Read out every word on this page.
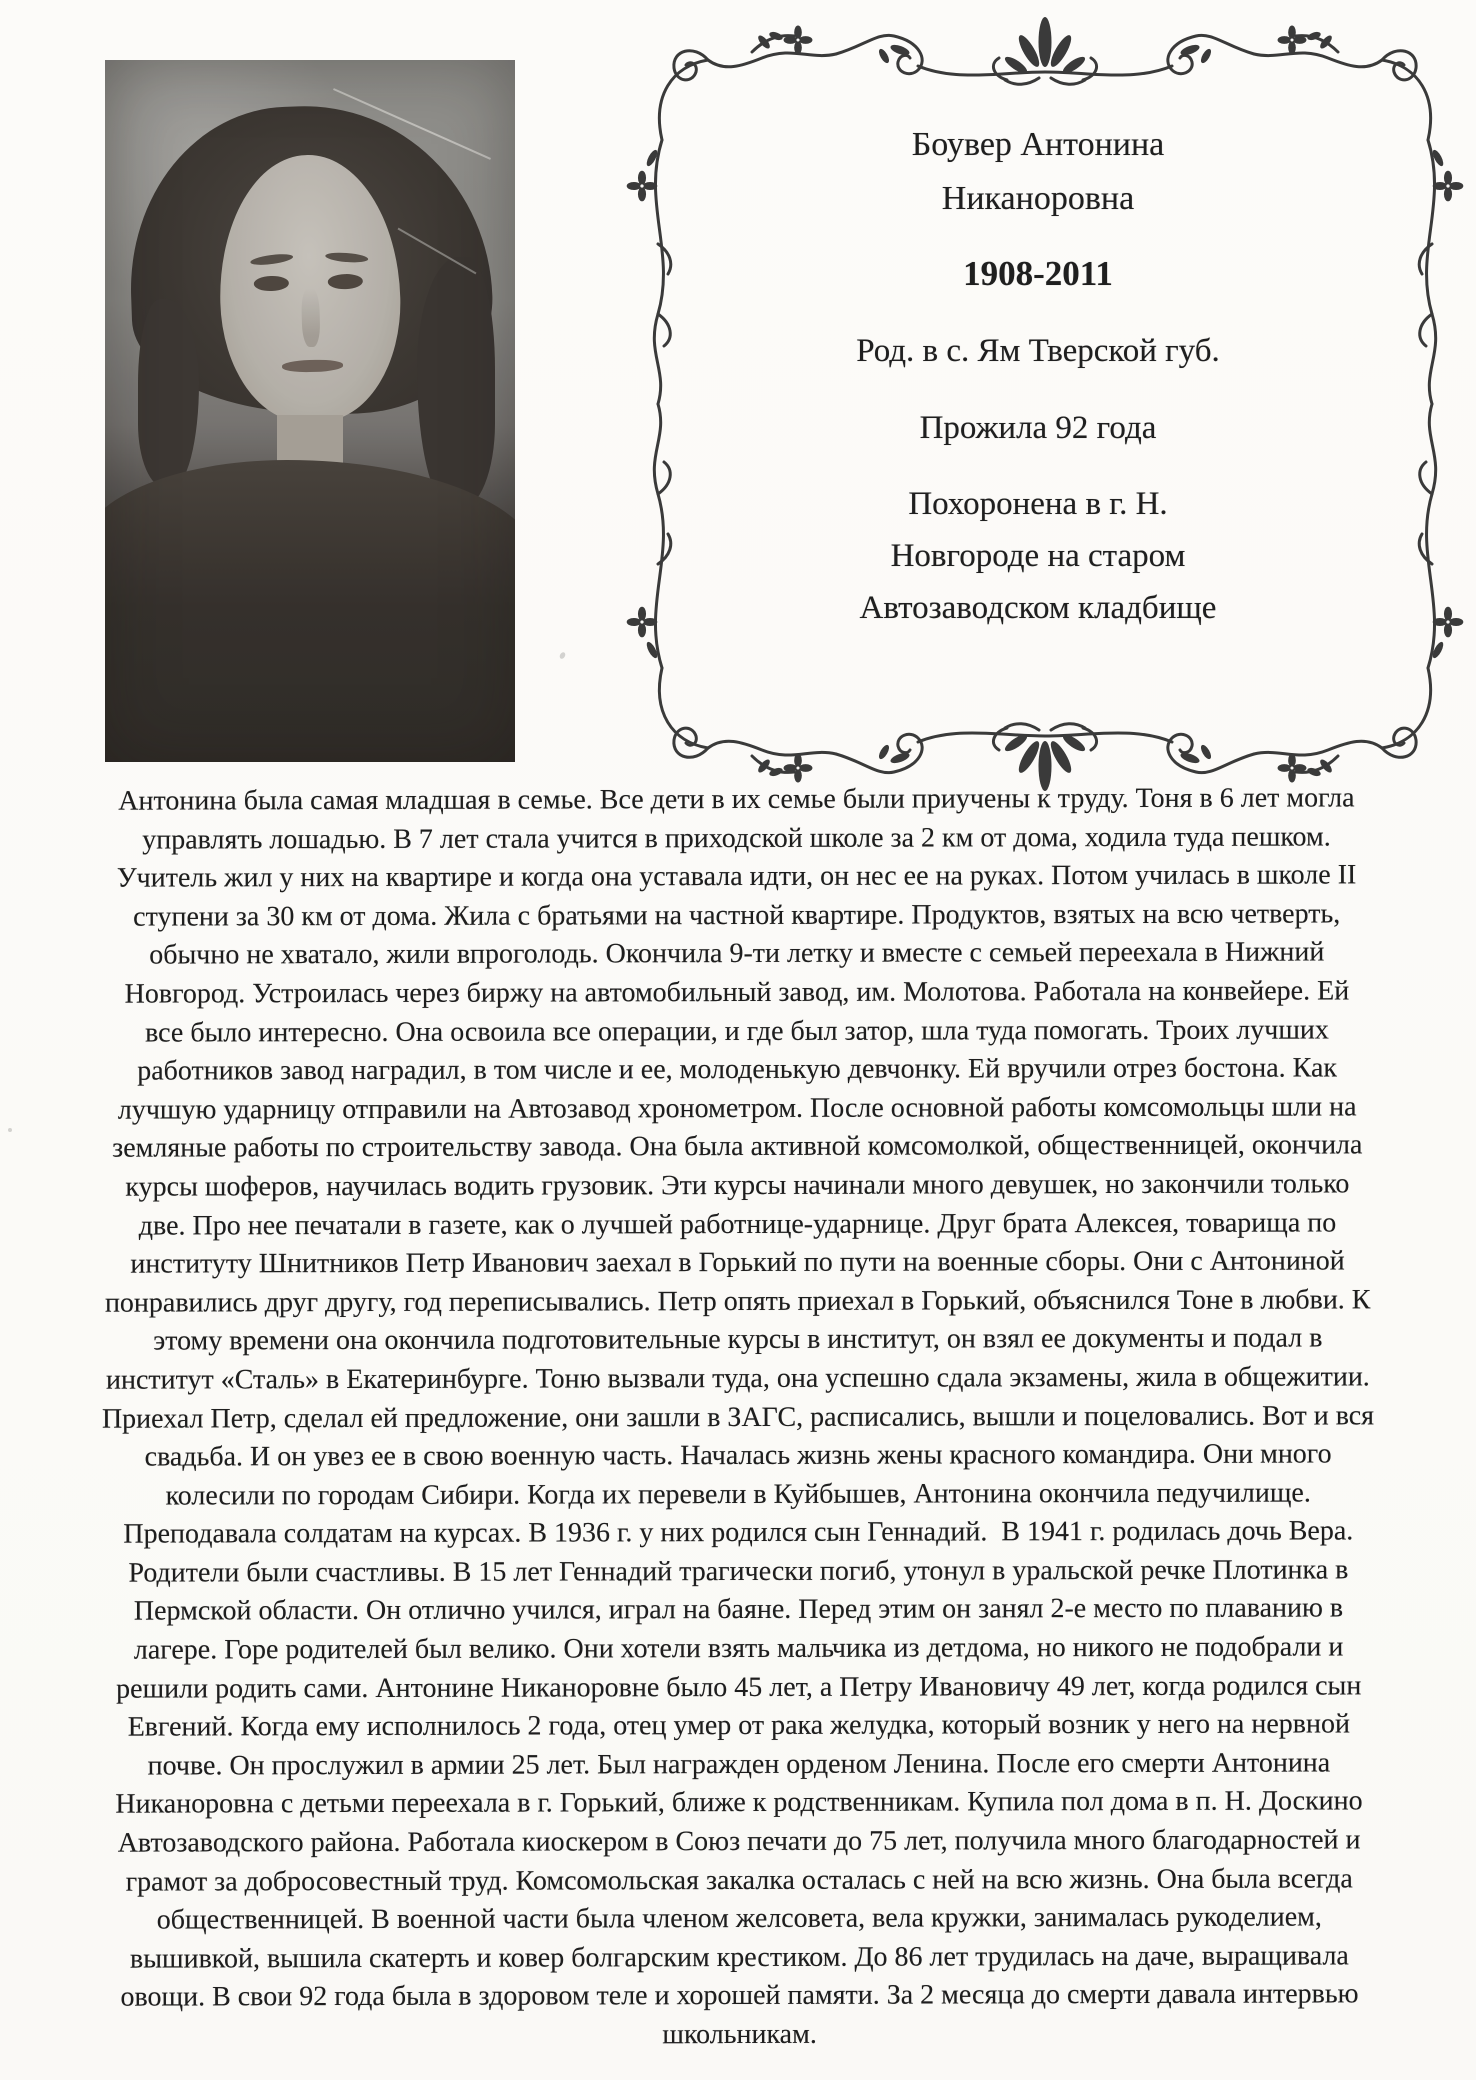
Боувер Антонина
Никаноровна
1908-2011
Род. в с. Ям Тверской губ.
Прожила 92 года
Похоронена в г. Н.
Новгороде на старом
Автозаводском кладбище
Антонина была самая младшая в семье. Все дети в их семье были приучены к труду. Тоня в 6 лет могла
управлять лошадью. В 7 лет стала учится в приходской школе за 2 км от дома, ходила туда пешком.
Учитель жил у них на квартире и когда она уставала идти, он нес ее на руках. Потом училась в школе II
ступени за 30 км от дома. Жила с братьями на частной квартире. Продуктов, взятых на всю четверть,
обычно не хватало, жили впроголодь. Окончила 9-ти летку и вместе с семьей переехала в Нижний
Новгород. Устроилась через биржу на автомобильный завод, им. Молотова. Работала на конвейере. Ей
все было интересно. Она освоила все операции, и где был затор, шла туда помогать. Троих лучших
работников завод наградил, в том числе и ее, молоденькую девчонку. Ей вручили отрез бостона. Как
лучшую ударницу отправили на Автозавод хронометром. После основной работы комсомольцы шли на
земляные работы по строительству завода. Она была активной комсомолкой, общественницей, окончила
курсы шоферов, научилась водить грузовик. Эти курсы начинали много девушек, но закончили только
две. Про нее печатали в газете, как о лучшей работнице-ударнице. Друг брата Алексея, товарища по
институту Шнитников Петр Иванович заехал в Горький по пути на военные сборы. Они с Антониной
понравились друг другу, год переписывались. Петр опять приехал в Горький, объяснился Тоне в любви. К
этому времени она окончила подготовительные курсы в институт, он взял ее документы и подал в
институт «Сталь» в Екатеринбурге. Тоню вызвали туда, она успешно сдала экзамены, жила в общежитии.
Приехал Петр, сделал ей предложение, они зашли в ЗАГС, расписались, вышли и поцеловались. Вот и вся
свадьба. И он увез ее в свою военную часть. Началась жизнь жены красного командира. Они много
колесили по городам Сибири. Когда их перевели в Куйбышев, Антонина окончила педучилище.
Преподавала солдатам на курсах. В 1936 г. у них родился сын Геннадий.  В 1941 г. родилась дочь Вера.
Родители были счастливы. В 15 лет Геннадий трагически погиб, утонул в уральской речке Плотинка в
Пермской области. Он отлично учился, играл на баяне. Перед этим он занял 2-е место по плаванию в
лагере. Горе родителей был велико. Они хотели взять мальчика из детдома, но никого не подобрали и
решили родить сами. Антонине Никаноровне было 45 лет, а Петру Ивановичу 49 лет, когда родился сын
Евгений. Когда ему исполнилось 2 года, отец умер от рака желудка, который возник у него на нервной
почве. Он прослужил в армии 25 лет. Был награжден орденом Ленина. После его смерти Антонина
Никаноровна с детьми переехала в г. Горький, ближе к родственникам. Купила пол дома в п. Н. Доскино
Автозаводского района. Работала киоскером в Союз печати до 75 лет, получила много благодарностей и
грамот за добросовестный труд. Комсомольская закалка осталась с ней на всю жизнь. Она была всегда
общественницей. В военной части была членом желсовета, вела кружки, занималась рукоделием,
вышивкой, вышила скатерть и ковер болгарским крестиком. До 86 лет трудилась на даче, выращивала
овощи. В свои 92 года была в здоровом теле и хорошей памяти. За 2 месяца до смерти давала интервью
школьникам.
